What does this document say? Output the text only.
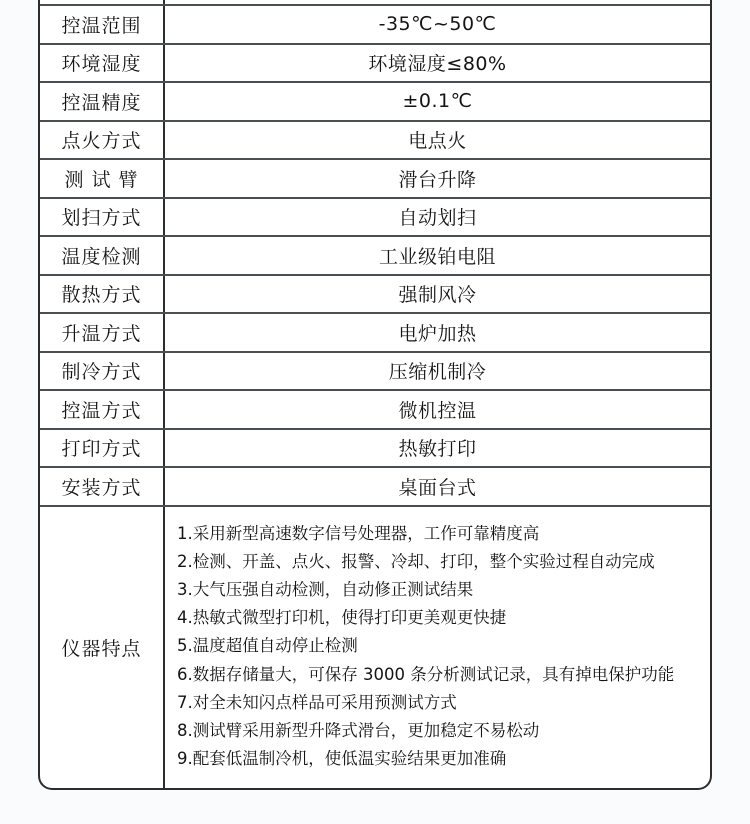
控温范围	-35℃~50℃
环境湿度	环境湿度≤80%
控温精度	±0.1℃
点火方式	电点火
测 试 臂	滑台升降
划扫方式	自动划扫
温度检测	工业级铂电阻
散热方式	强制风冷
升温方式	电炉加热
制冷方式	压缩机制冷
控温方式	微机控温
打印方式	热敏打印
安装方式	桌面台式
仪器特点
1.采用新型高速数字信号处理器，工作可靠精度高
2.检测、开盖、点火、报警、冷却、打印，整个实验过程自动完成
3.大气压强自动检测，自动修正测试结果
4.热敏式微型打印机，使得打印更美观更快捷
5.温度超值自动停止检测
6.数据存储量大，可保存 3000 条分析测试记录，具有掉电保护功能
7.对全未知闪点样品可采用预测试方式
8.测试臂采用新型升降式滑台，更加稳定不易松动
9.配套低温制冷机，使低温实验结果更加准确
